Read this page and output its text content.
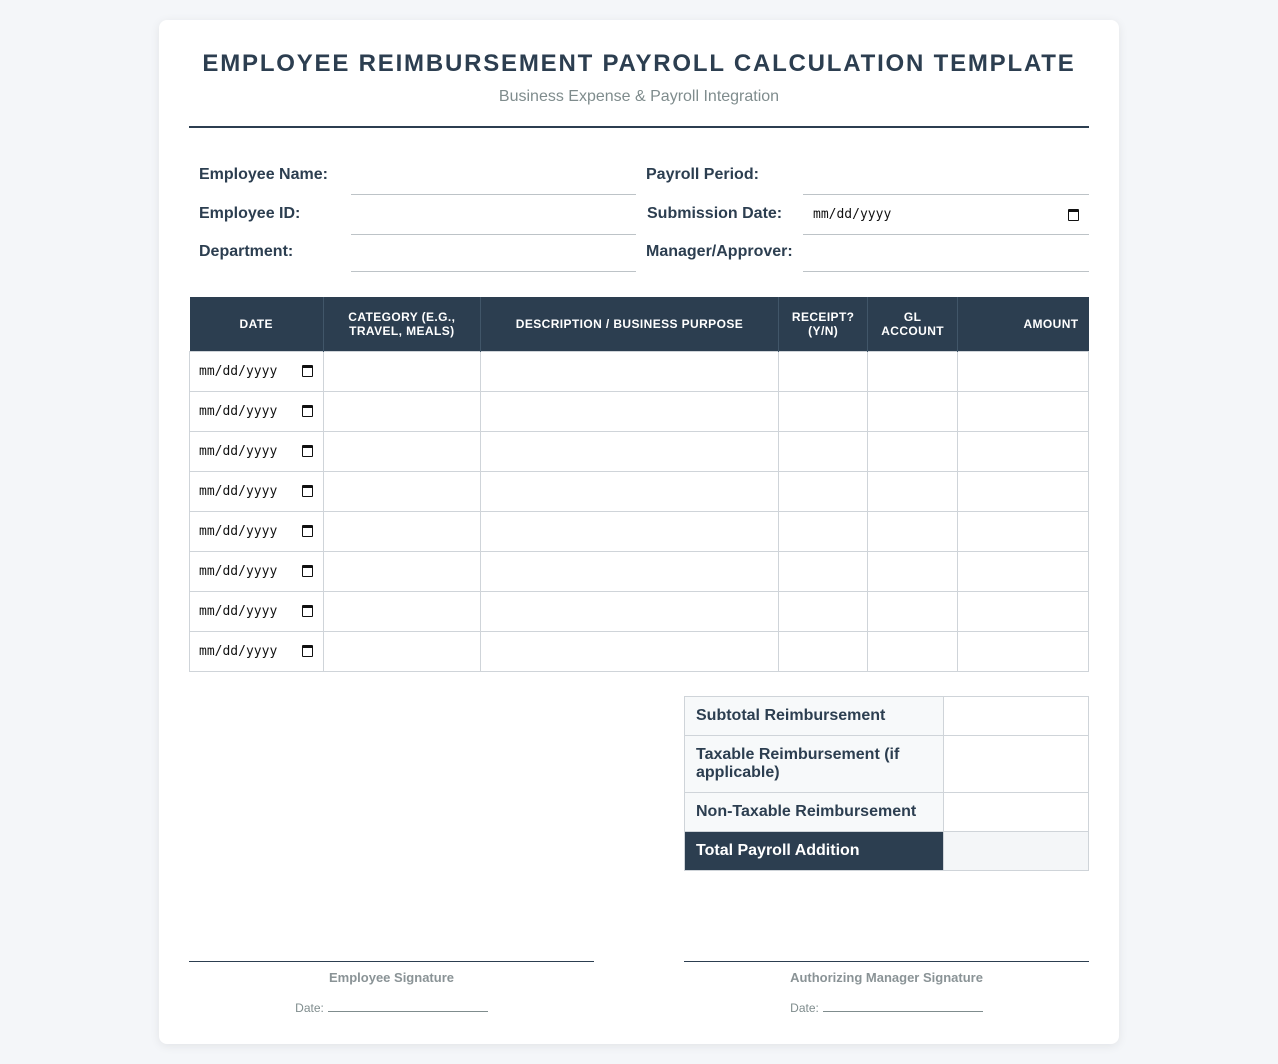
EMPLOYEE REIMBURSEMENT PAYROLL CALCULATION TEMPLATE
Business Expense & Payroll Integration
Employee Name:
Employee ID:
Department:
Payroll Period:
Submission Date: mm/dd/yyyy
Manager/Approver:
DATE	CATEGORY (E.G., TRAVEL, MEALS)	DESCRIPTION / BUSINESS PURPOSE	RECEIPT? (Y/N)	GL ACCOUNT	AMOUNT

mm/dd/yyyy					

mm/dd/yyyy					

mm/dd/yyyy					

mm/dd/yyyy					

mm/dd/yyyy					

mm/dd/yyyy					

mm/dd/yyyy					

mm/dd/yyyy					

Subtotal Reimbursement	
Taxable Reimbursement (if applicable)	
Non-Taxable Reimbursement	
Total Payroll Addition	
Employee Signature
Date:
Authorizing Manager Signature
Date:
